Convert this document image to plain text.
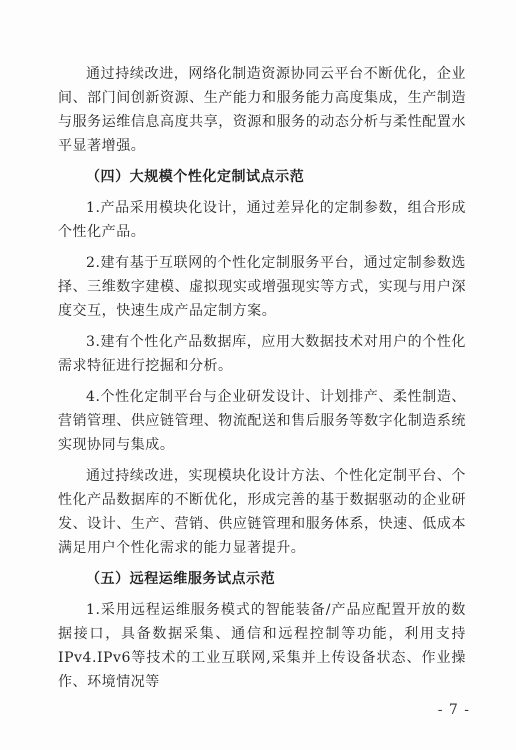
通过持续改进，网络化制造资源协同云平台不断优化，企业间、部门间创新资源、生产能力和服务能力高度集成，生产制造与服务运维信息高度共享，资源和服务的动态分析与柔性配置水平显著增强。

（四）大规模个性化定制试点示范

1.产品采用模块化设计，通过差异化的定制参数，组合形成个性化产品。

2.建有基于互联网的个性化定制服务平台，通过定制参数选择、三维数字建模、虚拟现实或增强现实等方式，实现与用户深度交互，快速生成产品定制方案。

3.建有个性化产品数据库，应用大数据技术对用户的个性化需求特征进行挖掘和分析。

4.个性化定制平台与企业研发设计、计划排产、柔性制造、营销管理、供应链管理、物流配送和售后服务等数字化制造系统实现协同与集成。

通过持续改进，实现模块化设计方法、个性化定制平台、个性化产品数据库的不断优化，形成完善的基于数据驱动的企业研发、设计、生产、营销、供应链管理和服务体系，快速、低成本满足用户个性化需求的能力显著提升。

（五）远程运维服务试点示范

1.采用远程运维服务模式的智能装备/产品应配置开放的数据接口，具备数据采集、通信和远程控制等功能，利用支持IPv4.IPv6等技术的工业互联网,采集并上传设备状态、作业操作、环境情况等

- 7 -
